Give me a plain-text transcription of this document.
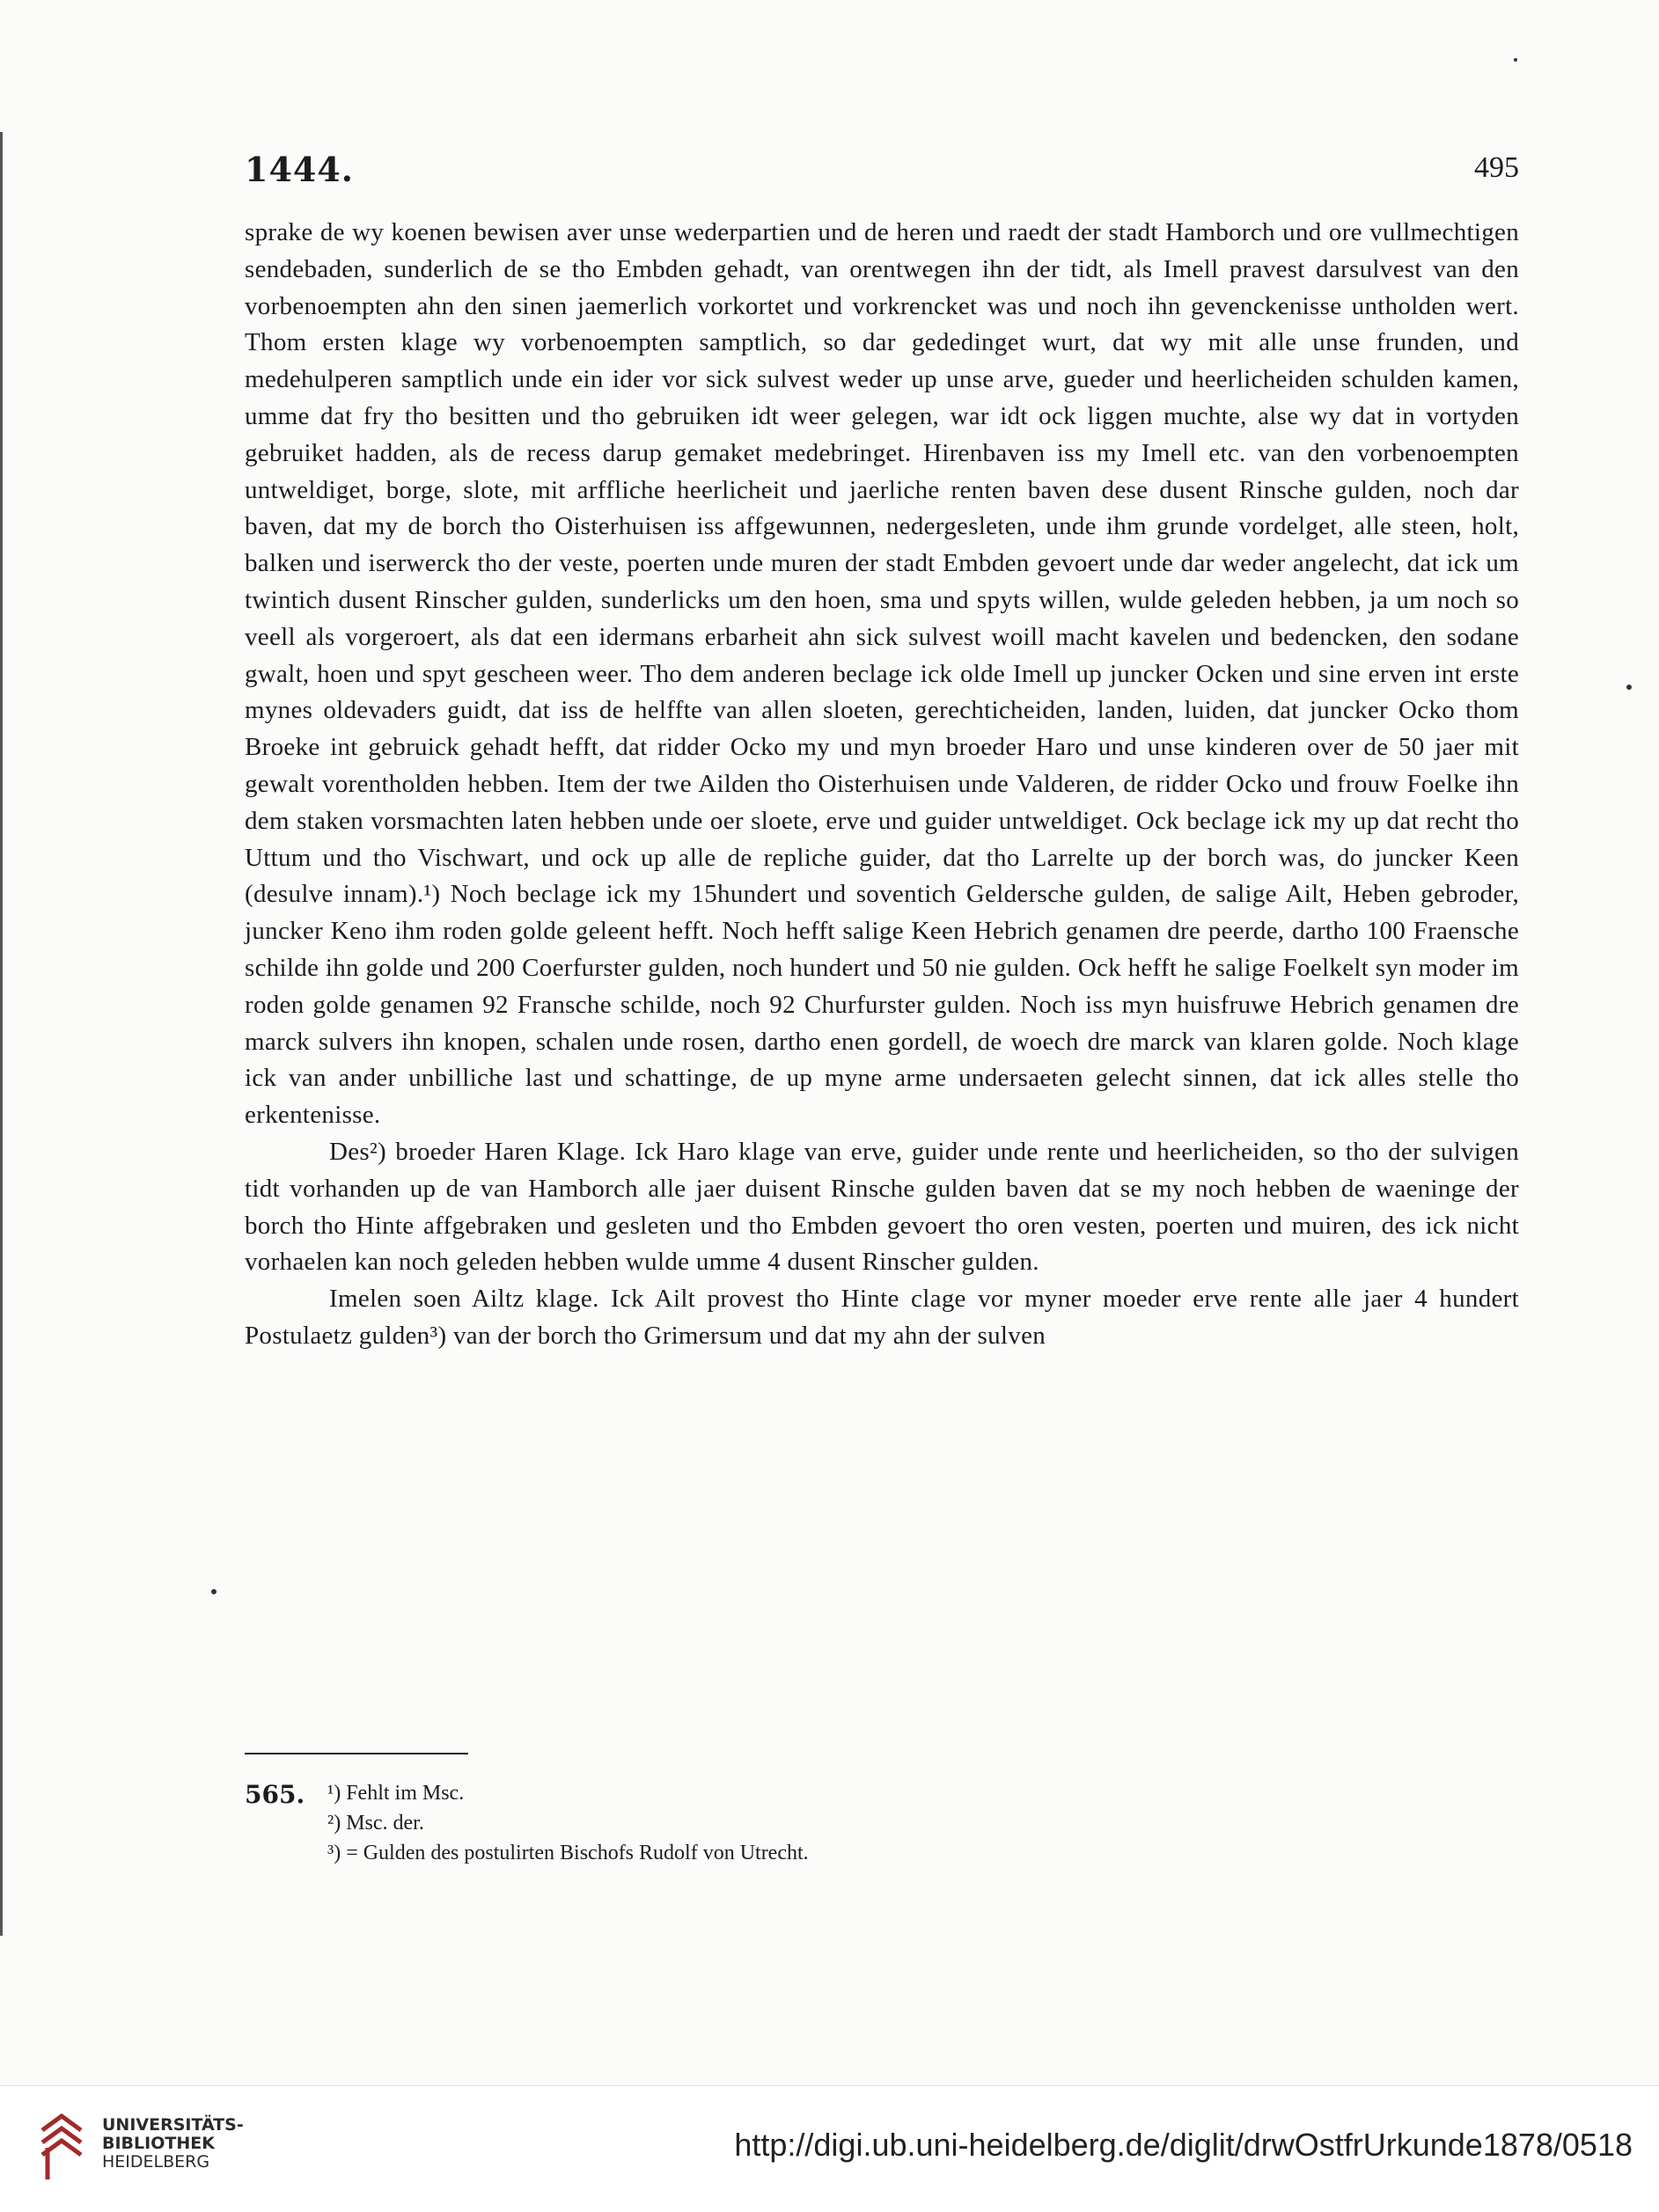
1444.	495

sprake de wy koenen bewisen aver unse wederpartien und de heren und raedt der stadt Hamborch und ore vullmechtigen sendebaden, sunderlich de se tho Embden gehadt, van orentwegen ihn der tidt, als Imell pravest darsulvest van den vorbenoempten ahn den sinen jaemerlich vorkortet und vorkrencket was und noch ihn gevenckenisse untholden wert. Thom ersten klage wy vorbenoempten samptlich, so dar gededinget wurt, dat wy mit alle unse frunden, und medehulperen samptlich unde ein ider vor sick sulvest weder up unse arve, gueder und heerlicheiden schulden kamen, umme dat fry tho besitten und tho gebruiken idt weer gelegen, war idt ock liggen muchte, alse wy dat in vortyden gebruiket hadden, als de recess darup gemaket medebringet. Hirenbaven iss my Imell etc. van den vorbenoempten untweldiget, borge, slote, mit arffliche heerlicheit und jaerliche renten baven dese dusent Rinsche gulden, noch dar baven, dat my de borch tho Oisterhuisen iss affgewunnen, nedergesleten, unde ihm grunde vordelget, alle steen, holt, balken und iserwerck tho der veste, poerten unde muren der stadt Embden gevoert unde dar weder angelecht, dat ick um twintich dusent Rinscher gulden, sunderlicks um den hoen, sma und spyts willen, wulde geleden hebben, ja um noch so veell als vorgeroert, als dat een idermans erbarheit ahn sick sulvest woill macht kavelen und bedencken, den sodane gwalt, hoen und spyt gescheen weer. Tho dem anderen beclage ick olde Imell up juncker Ocken und sine erven int erste mynes oldevaders guidt, dat iss de helffte van allen sloeten, gerechticheiden, landen, luiden, dat juncker Ocko thom Broeke int gebruick gehadt hefft, dat ridder Ocko my und myn broeder Haro und unse kinderen over de 50 jaer mit gewalt vorentholden hebben. Item der twe Ailden tho Oisterhuisen unde Valderen, de ridder Ocko und frouw Foelke ihn dem staken vorsmachten laten hebben unde oer sloete, erve und guider untweldiget. Ock beclage ick my up dat recht tho Uttum und tho Vischwart, und ock up alle de repliche guider, dat tho Larrelte up der borch was, do juncker Keen (desulve innam).¹) Noch beclage ick my 15hundert und soventich Geldersche gulden, de salige Ailt, Heben gebroder, juncker Keno ihm roden golde geleent hefft. Noch hefft salige Keen Hebrich genamen dre peerde, dartho 100 Fraensche schilde ihn golde und 200 Coerfurster gulden, noch hundert und 50 nie gulden. Ock hefft he salige Foelkelt syn moder im roden golde genamen 92 Fransche schilde, noch 92 Churfurster gulden. Noch iss myn huisfruwe Hebrich genamen dre marck sulvers ihn knopen, schalen unde rosen, dartho enen gordell, de woech dre marck van klaren golde. Noch klage ick van ander unbilliche last und schattinge, de up myne arme undersaeten gelecht sinnen, dat ick alles stelle tho erkentenisse.

Des²) broeder Haren Klage. Ick Haro klage van erve, guider unde rente und heerlicheiden, so tho der sulvigen tidt vorhanden up de van Hamborch alle jaer duisent Rinsche gulden baven dat se my noch hebben de waeninge der borch tho Hinte affgebraken und gesleten und tho Embden gevoert tho oren vesten, poerten und muiren, des ick nicht vorhaelen kan noch geleden hebben wulde umme 4 dusent Rinscher gulden.

Imelen soen Ailtz klage. Ick Ailt provest tho Hinte clage vor myner moeder erve rente alle jaer 4 hundert Postulaetz gulden³) van der borch tho Grimersum und dat my ahn der sulven

565. ¹) Fehlt im Msc.
²) Msc. der.
³) = Gulden des postulirten Bischofs Rudolf von Utrecht.
UNIVERSITÄTS-
BIBLIOTHEK
HEIDELBERG	http://digi.ub.uni-heidelberg.de/diglit/drwOstfrUrkunde1878/0518
